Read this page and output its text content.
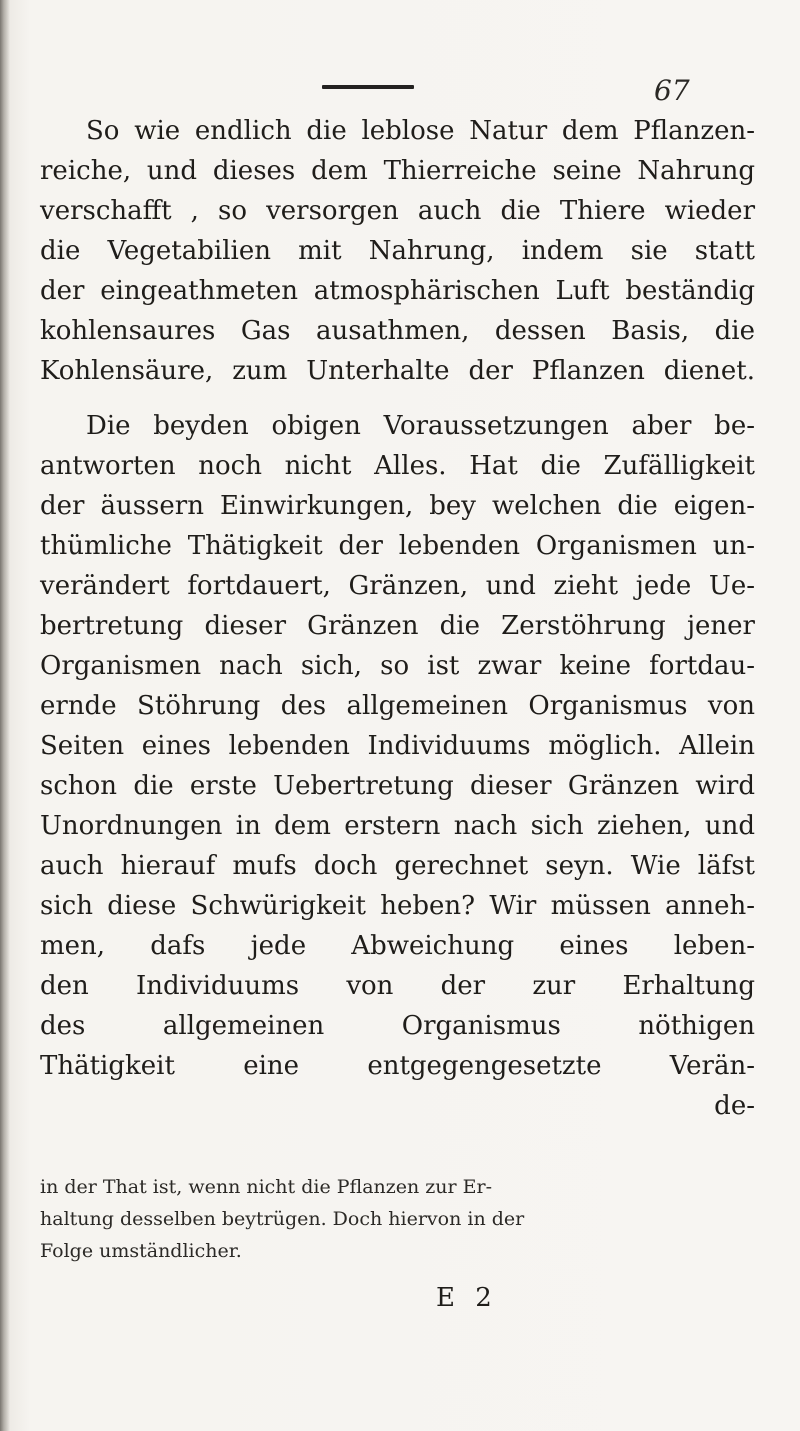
67
So wie endlich die leblose Natur dem Pflanzen-
reiche, und dieses dem Thierreiche seine Nahrung
verschafft , so versorgen auch die Thiere wieder
die Vegetabilien mit Nahrung, indem sie statt
der eingeathmeten atmosphärischen Luft beständig
kohlensaures Gas ausathmen, dessen Basis, die
Kohlensäure, zum Unterhalte der Pflanzen dienet.
Die beyden obigen Voraussetzungen aber be-
antworten noch nicht Alles. Hat die Zufälligkeit
der äussern Einwirkungen, bey welchen die eigen-
thümliche Thätigkeit der lebenden Organismen un-
verändert fortdauert, Gränzen, und zieht jede Ue-
bertretung dieser Gränzen die Zerstöhrung jener
Organismen nach sich, so ist zwar keine fortdau-
ernde Stöhrung des allgemeinen Organismus von
Seiten eines lebenden Individuums möglich. Allein
schon die erste Uebertretung dieser Gränzen wird
Unordnungen in dem erstern nach sich ziehen, und
auch hierauf mufs doch gerechnet seyn. Wie läfst
sich diese Schwürigkeit heben? Wir müssen anneh-
men, dafs jede Abweichung eines leben-
den Individuums von der zur Erhaltung
des allgemeinen Organismus nöthigen
Thätigkeit eine entgegengesetzte Verän-
de-
in der That ist, wenn nicht die Pflanzen zur Er-
haltung desselben beytrügen. Doch hiervon in der
Folge umständlicher.
E 2
